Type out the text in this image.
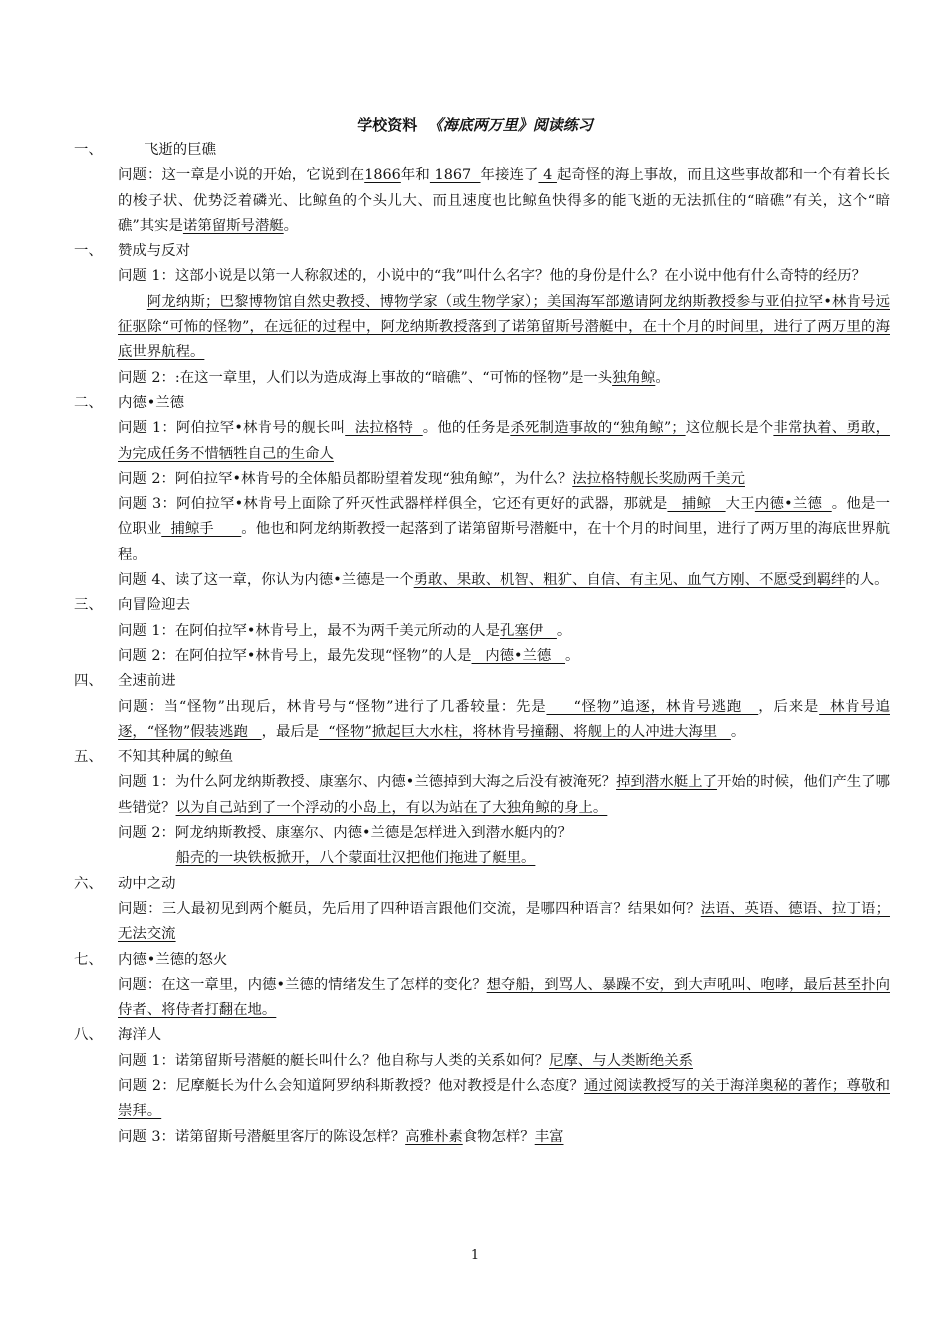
学校资料 《海底两万里》阅读练习
一、	飞逝的巨礁
问题：这一章是小说的开始，它说到在1866年和 1867  年接连了 4 起奇怪的海上事故，而且这些事故都和一个有着长长的梭子状、优势泛着磷光、比鲸鱼的个头儿大、而且速度也比鲸鱼快得多的能飞逝的无法抓住的“暗礁”有关，这个“暗礁”其实是诺第留斯号潜艇。
一、	赞成与反对
问题 1：这部小说是以第一人称叙述的，小说中的“我”叫什么名字？他的身份是什么？在小说中他有什么奇特的经历？
阿龙纳斯；巴黎博物馆自然史教授、博物学家（或生物学家）；美国海军部邀请阿龙纳斯教授参与亚伯拉罕•林肯号远征驱除“可怖的怪物”，在远征的过程中，阿龙纳斯教授落到了诺第留斯号潜艇中，在十个月的时间里，进行了两万里的海底世界航程。
问题 2：:在这一章里，人们以为造成海上事故的“暗礁”、“可怖的怪物”是一头独角鲸。
二、	内德•兰德
问题 1：阿伯拉罕•林肯号的舰长叫  法拉格特  。他的任务是杀死制造事故的“独角鲸”；这位舰长是个非常执着、勇敢，为完成任务不惜牺牲自己的生命人
问题 2：阿伯拉罕•林肯号的全体船员都盼望着发现“独角鲸”，为什么？法拉格特舰长奖励两千美元
问题 3：阿伯拉罕•林肯号上面除了歼灭性武器样样俱全，它还有更好的武器，那就是   捕鲸   大王内德•兰德  。他是一位职业  捕鲸手      。他也和阿龙纳斯教授一起落到了诺第留斯号潜艇中，在十个月的时间里，进行了两万里的海底世界航程。
问题 4、读了这一章，你认为内德•兰德是一个勇敢、果敢、机智、粗犷、自信、有主见、血气方刚、不愿受到羁绊的人。
三、	向冒险迎去
问题 1：在阿伯拉罕•林肯号上，最不为两千美元所动的人是孔塞伊   。
问题 2：在阿伯拉罕•林肯号上，最先发现“怪物”的人是   内德•兰德   。
四、	全速前进
问题：当“怪物”出现后，林肯号与“怪物”进行了几番较量：先是     “怪物”追逐，林肯号逃跑   ，后来是  林肯号追逐，“怪物”假装逃跑   ，最后是  “怪物”掀起巨大水柱，将林肯号撞翻、将舰上的人冲进大海里   。
五、	不知其种属的鲸鱼
问题 1：为什么阿龙纳斯教授、康塞尔、内德•兰德掉到大海之后没有被淹死？掉到潜水艇上了开始的时候，他们产生了哪些错觉？以为自己站到了一个浮动的小岛上，有以为站在了大独角鲸的身上。
问题 2：阿龙纳斯教授、康塞尔、内德•兰德是怎样进入到潜水艇内的？
船壳的一块铁板掀开，八个蒙面壮汉把他们拖进了艇里。
六、	动中之动
问题：三人最初见到两个艇员，先后用了四种语言跟他们交流，是哪四种语言？结果如何？法语、英语、德语、拉丁语；无法交流
七、	内德•兰德的怒火
问题：在这一章里，内德•兰德的情绪发生了怎样的变化？想夺船，到骂人、暴躁不安，到大声吼叫、咆哮，最后甚至扑向侍者、将侍者打翻在地。
八、	海洋人
问题 1：诺第留斯号潜艇的艇长叫什么？他自称与人类的关系如何？尼摩、与人类断绝关系
问题 2：尼摩艇长为什么会知道阿罗纳科斯教授？他对教授是什么态度？通过阅读教授写的关于海洋奥秘的著作；尊敬和崇拜。
问题 3：诺第留斯号潜艇里客厅的陈设怎样？高雅朴素食物怎样？丰富
1
